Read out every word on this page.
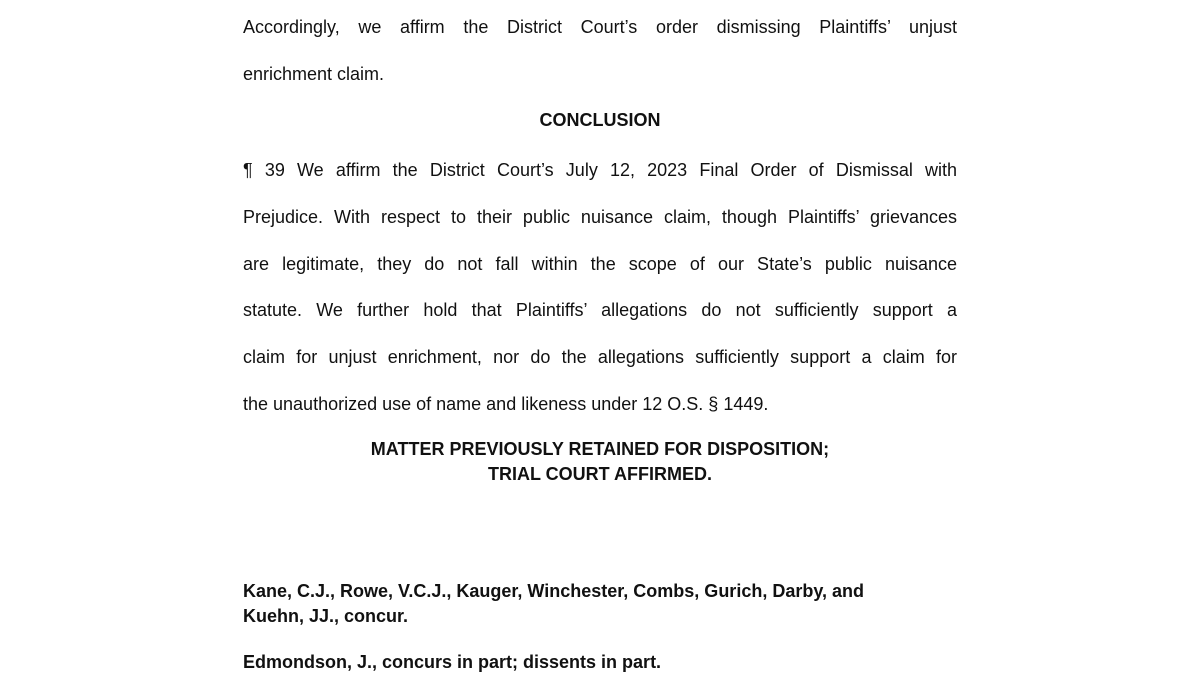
Accordingly, we affirm the District Court’s order dismissing Plaintiffs’ unjust
enrichment claim.
CONCLUSION
¶ 39 We affirm the District Court’s July 12, 2023 Final Order of Dismissal with
Prejudice. With respect to their public nuisance claim, though Plaintiffs’ grievances
are legitimate, they do not fall within the scope of our State’s public nuisance
statute. We further hold that Plaintiffs’ allegations do not sufficiently support a
claim for unjust enrichment, nor do the allegations sufficiently support a claim for
the unauthorized use of name and likeness under 12 O.S. § 1449.
MATTER PREVIOUSLY RETAINED FOR DISPOSITION;
TRIAL COURT AFFIRMED.
Kane, C.J., Rowe, V.C.J., Kauger, Winchester, Combs, Gurich, Darby, and
Kuehn, JJ., concur.
Edmondson, J., concurs in part; dissents in part.
